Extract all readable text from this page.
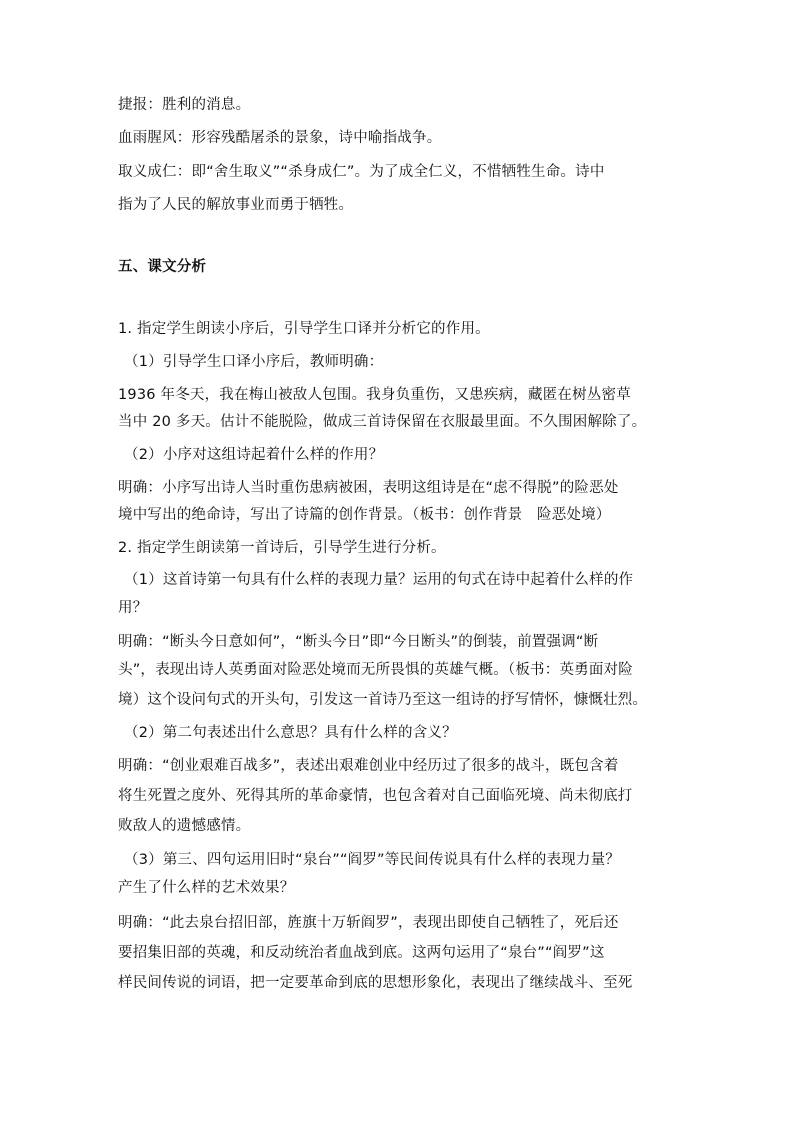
捷报：胜利的消息。
血雨腥风：形容残酷屠杀的景象，诗中喻指战争。
取义成仁：即“舍生取义”“杀身成仁”。为了成全仁义，不惜牺牲生命。诗中
指为了人民的解放事业而勇于牺牲。
五、课文分析
1. 指定学生朗读小序后，引导学生口译并分析它的作用。
（1）引导学生口译小序后，教师明确：
1936 年冬天，我在梅山被敌人包围。我身负重伤，又患疾病，藏匿在树丛密草
当中 20 多天。估计不能脱险，做成三首诗保留在衣服最里面。不久围困解除了。
（2）小序对这组诗起着什么样的作用？
明确：小序写出诗人当时重伤患病被困，表明这组诗是在“虑不得脱”的险恶处
境中写出的绝命诗，写出了诗篇的创作背景。（板书：创作背景　险恶处境）
2. 指定学生朗读第一首诗后，引导学生进行分析。
（1）这首诗第一句具有什么样的表现力量？运用的句式在诗中起着什么样的作
用？
明确：“断头今日意如何”，“断头今日”即“今日断头”的倒装，前置强调“断
头”，表现出诗人英勇面对险恶处境而无所畏惧的英雄气概。（板书：英勇面对险
境）这个设问句式的开头句，引发这一首诗乃至这一组诗的抒写情怀，慷慨壮烈。
（2）第二句表述出什么意思？具有什么样的含义？
明确：“创业艰难百战多”，表述出艰难创业中经历过了很多的战斗，既包含着
将生死置之度外、死得其所的革命豪情，也包含着对自己面临死境、尚未彻底打
败敌人的遗憾感情。
（3）第三、四句运用旧时“泉台”“阎罗”等民间传说具有什么样的表现力量？
产生了什么样的艺术效果？
明确：“此去泉台招旧部，旌旗十万斩阎罗”，表现出即使自己牺牲了，死后还
要招集旧部的英魂，和反动统治者血战到底。这两句运用了“泉台”“阎罗”这
样民间传说的词语，把一定要革命到底的思想形象化，表现出了继续战斗、至死
